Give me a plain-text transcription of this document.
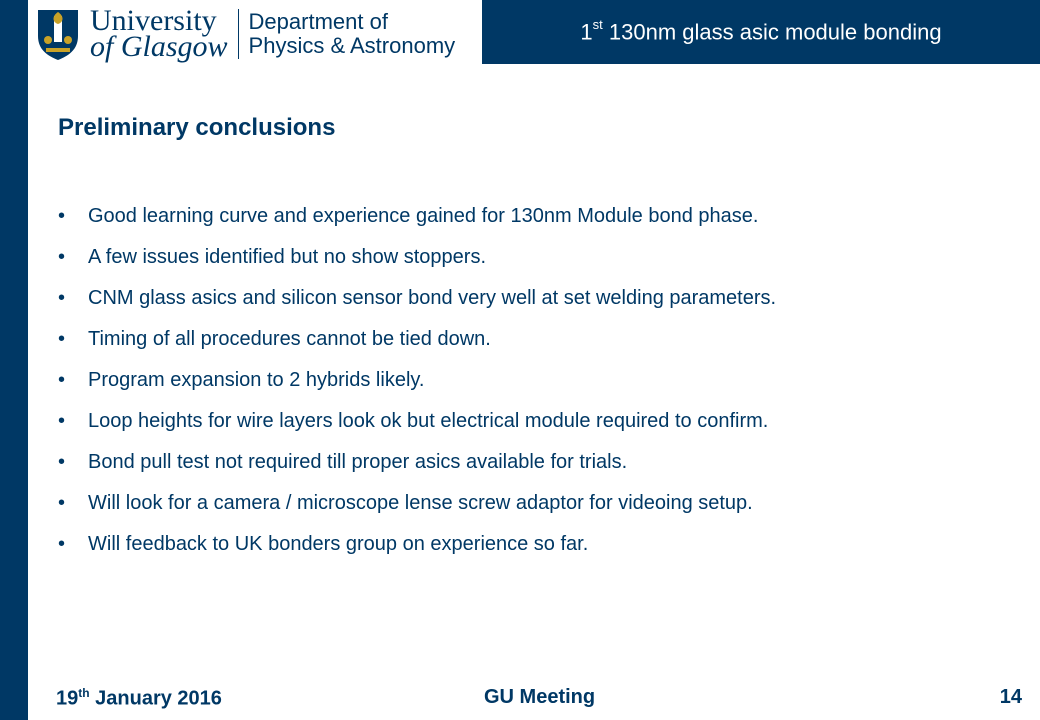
University
of Glasgow
Department of
Physics & Astronomy
1st 130nm glass asic module bonding
Preliminary conclusions
•	Good learning curve and experience gained for 130nm Module bond phase.
•	A few issues identified but no show stoppers.
•	CNM glass asics and silicon sensor bond very well at set welding parameters.
•	Timing of all procedures cannot be tied down.
•	Program expansion to 2 hybrids likely.
•	Loop heights for wire layers look ok but electrical module required to confirm.
•	Bond pull test not required till proper asics available for trials.
•	Will look for a camera / microscope lense screw adaptor for videoing setup.
•	Will feedback to UK bonders group on experience so far.
19th January 2016	GU Meeting	14
